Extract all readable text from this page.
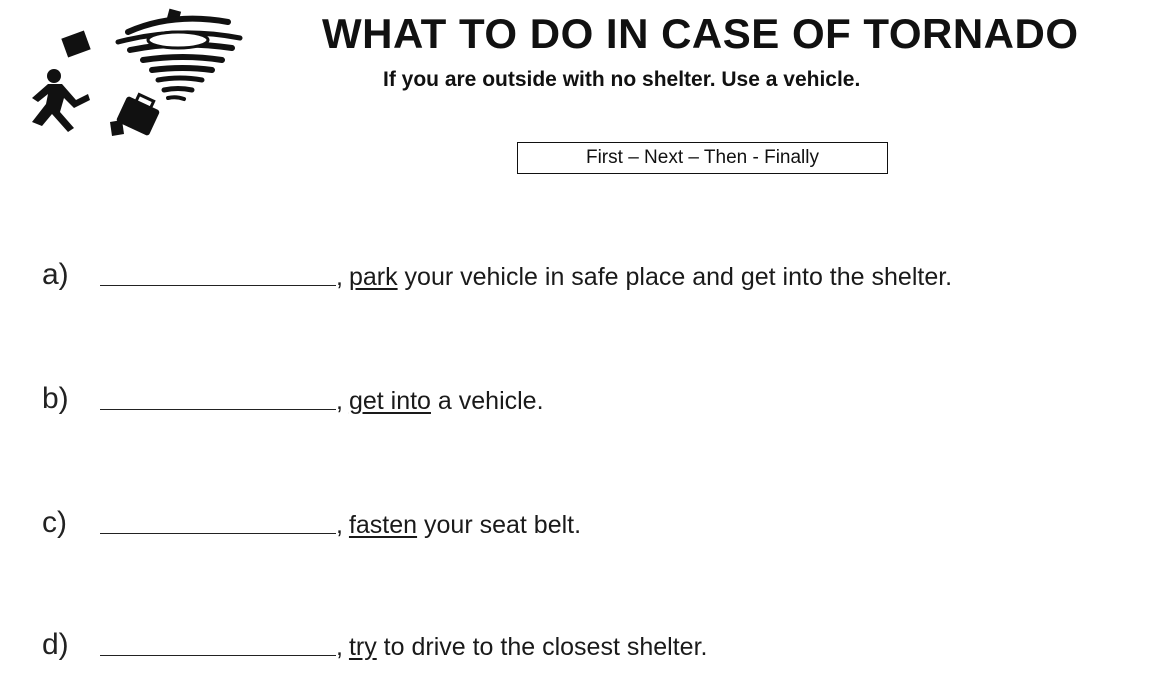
WHAT TO DO IN CASE OF TORNADO
If you are outside with no shelter. Use a vehicle.
First – Next – Then - Finally
a)	, park your vehicle in safe place and get into the shelter.
b)	, get into a vehicle.
c)	, fasten your seat belt.
d)	, try to drive to the closest shelter.
